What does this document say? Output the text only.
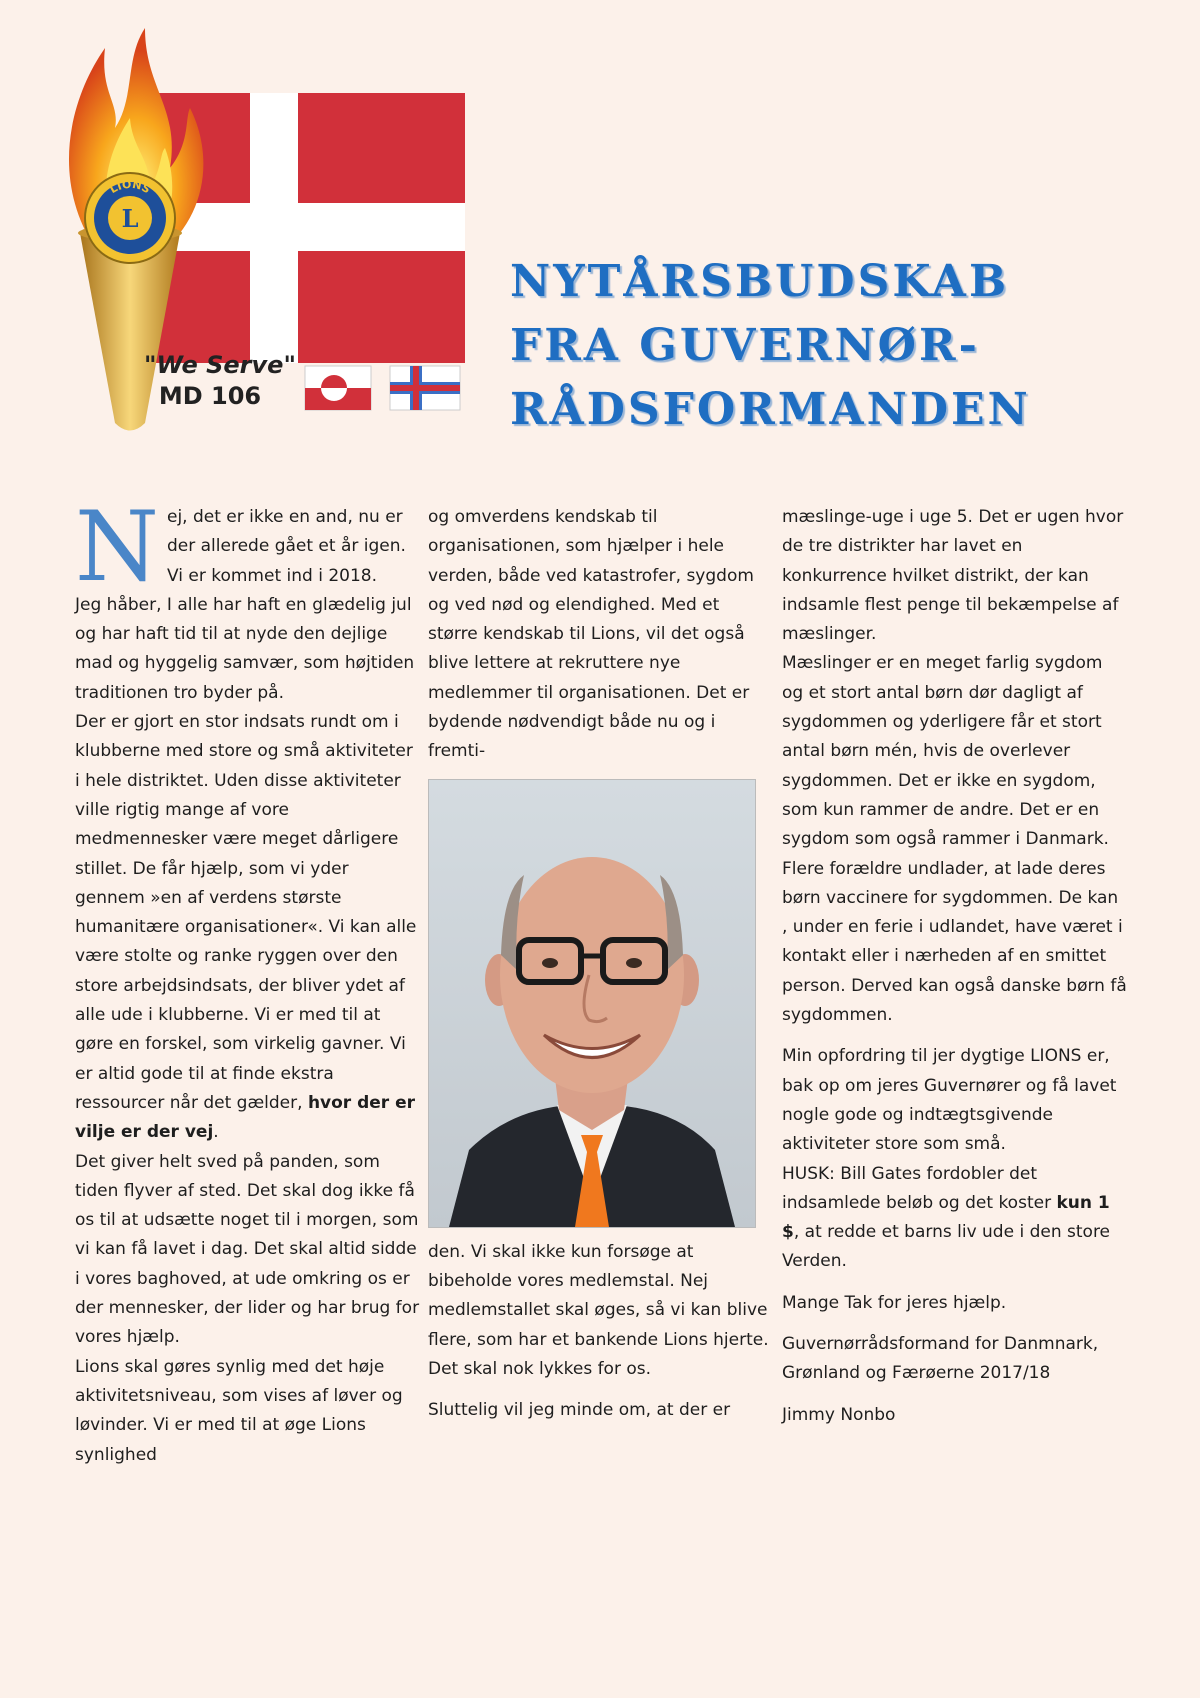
L
LIONS
"We Serve"
MD 106
NYTÅRSBUDSKAB
FRA GUVERNØR-
RÅDSFORMANDEN

Nej, det er ikke en and, nu er der allerede gået et år igen. Vi er kommet ind i 2018.

Jeg håber, I alle har haft en glædelig jul og har haft tid til at nyde den dejlige mad og hyggelig samvær, som højtiden traditionen tro byder på.

Der er gjort en stor indsats rundt om i klubberne med store og små aktiviteter i hele distriktet. Uden disse aktiviteter ville rigtig mange af vore medmennesker være meget dårligere stillet. De får hjælp, som vi yder gennem »en af verdens største humanitære organisationer«. Vi kan alle være stolte og ranke ryggen over den store arbejdsindsats, der bliver ydet af alle ude i klubberne. Vi er med til at gøre en forskel, som virkelig gavner. Vi er altid gode til at finde ekstra ressourcer når det gælder, hvor der er vilje er der vej.

Det giver helt sved på panden, som tiden flyver af sted. Det skal dog ikke få os til at udsætte noget til i morgen, som vi kan få lavet i dag. Det skal altid sidde i vores baghoved, at ude omkring os er der mennesker, der lider og har brug for vores hjælp.

Lions skal gøres synlig med det høje aktivitetsniveau, som vises af løver og løvinder. Vi er med til at øge Lions synlighed

og omverdens kendskab til organisationen, som hjælper i hele verden, både ved katastrofer, sygdom og ved nød og elendighed. Med et større kendskab til Lions, vil det også blive lettere at rekruttere nye medlemmer til organisationen. Det er bydende nødvendigt både nu og i fremti-

den. Vi skal ikke kun forsøge at bibeholde vores medlemstal. Nej medlemstallet skal øges, så vi kan blive flere, som har et bankende Lions hjerte. Det skal nok lykkes for os.

Sluttelig vil jeg minde om, at der er

mæslinge-uge i uge 5. Det er ugen hvor de tre distrikter har lavet en konkurrence hvilket distrikt, der kan indsamle flest penge til bekæmpelse af mæslinger.

Mæslinger er en meget farlig sygdom og et stort antal børn dør dagligt af sygdommen og yderligere får et stort antal børn mén, hvis de overlever sygdommen. Det er ikke en sygdom, som kun rammer de andre. Det er en sygdom som også rammer i Danmark.

Flere forældre undlader, at lade deres børn vaccinere for sygdommen. De kan , under en ferie i udlandet, have været i kontakt eller i nærheden af en smittet person. Derved kan også danske børn få sygdommen.

Min opfordring til jer dygtige LIONS er, bak op om jeres Guvernører og få lavet nogle gode og indtægtsgivende aktiviteter store som små.

HUSK: Bill Gates fordobler det indsamlede beløb og det koster kun 1 $, at redde et barns liv ude i den store Verden.

Mange Tak for jeres hjælp.

Guvernørrådsformand for Danmnark, Grønland og Færøerne 2017/18

Jimmy Nonbo
